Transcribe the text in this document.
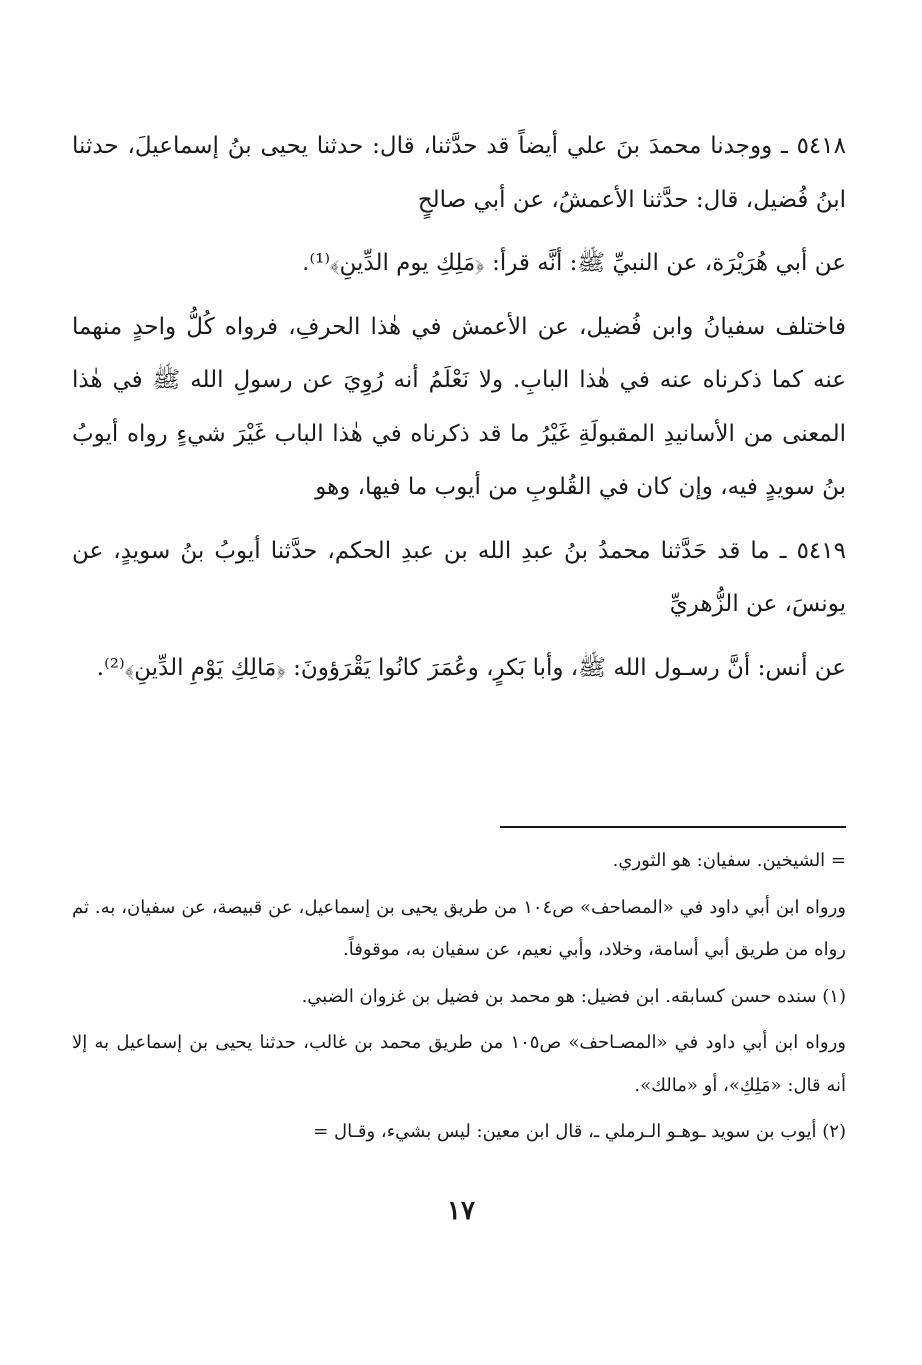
٥٤١٨ ـ ووجدنا محمدَ بنَ علي أيضاً قد حدَّثنا، قال: حدثنا يحيى بنُ إسماعيلَ، حدثنا ابنُ فُضيل، قال: حدَّثنا الأعمشُ، عن أبي صالحٍ

عن أبي هُرَيْرَة، عن النبيِّ ﷺ: أنَّه قرأ: ﴿مَلِكِ يوم الدِّينِ﴾⁽¹⁾.

فاختلف سفيانُ وابن فُضيل، عن الأعمش في هٰذا الحرفِ، فرواه كُلُّ واحدٍ منهما عنه كما ذكرناه عنه في هٰذا البابِ. ولا نَعْلَمُ أنه رُوِيَ عن رسولِ الله ﷺ في هٰذا المعنى من الأسانيدِ المقبولَةِ غَيْرُ ما قد ذكرناه في هٰذا الباب غَيْرَ شيءٍ رواه أيوبُ بنُ سويدٍ فيه، وإن كان في القُلوبِ من أيوب ما فيها، وهو

٥٤١٩ ـ ما قد حَدَّثنا محمدُ بنُ عبدِ الله بن عبدِ الحكم، حدَّثنا أيوبُ بنُ سويدٍ، عن يونسَ، عن الزُّهريِّ

عن أنس: أنَّ رسـول الله ﷺ، وأبا بَكرٍ، وعُمَرَ كانُوا يَقْرَؤونَ: ﴿مَالِكِ يَوْمِ الدِّينِ﴾⁽²⁾.

= الشيخين. سفيان: هو الثوري.

ورواه ابن أبي داود في «المصاحف» ص١٠٤ من طريق يحيى بن إسماعيل، عن قبيصة، عن سفيان، به. ثم رواه من طريق أبي أسامة، وخلاد، وأبي نعيم، عن سفيان به، موقوفاً.

(١) سنده حسن كسابقه. ابن فضيل: هو محمد بن فضيل بن غزوان الضبي.

ورواه ابن أبي داود في «المصـاحف» ص١٠٥ من طريق محمد بن غالب، حدثنا يحيى بن إسماعيل به إلا أنه قال: «مَلِكِ»، أو «مالك».

(٢) أيوب بن سويد ـوهـو الـرملي ـ، قال ابن معين: ليس بشيء، وقـال =

١٧
